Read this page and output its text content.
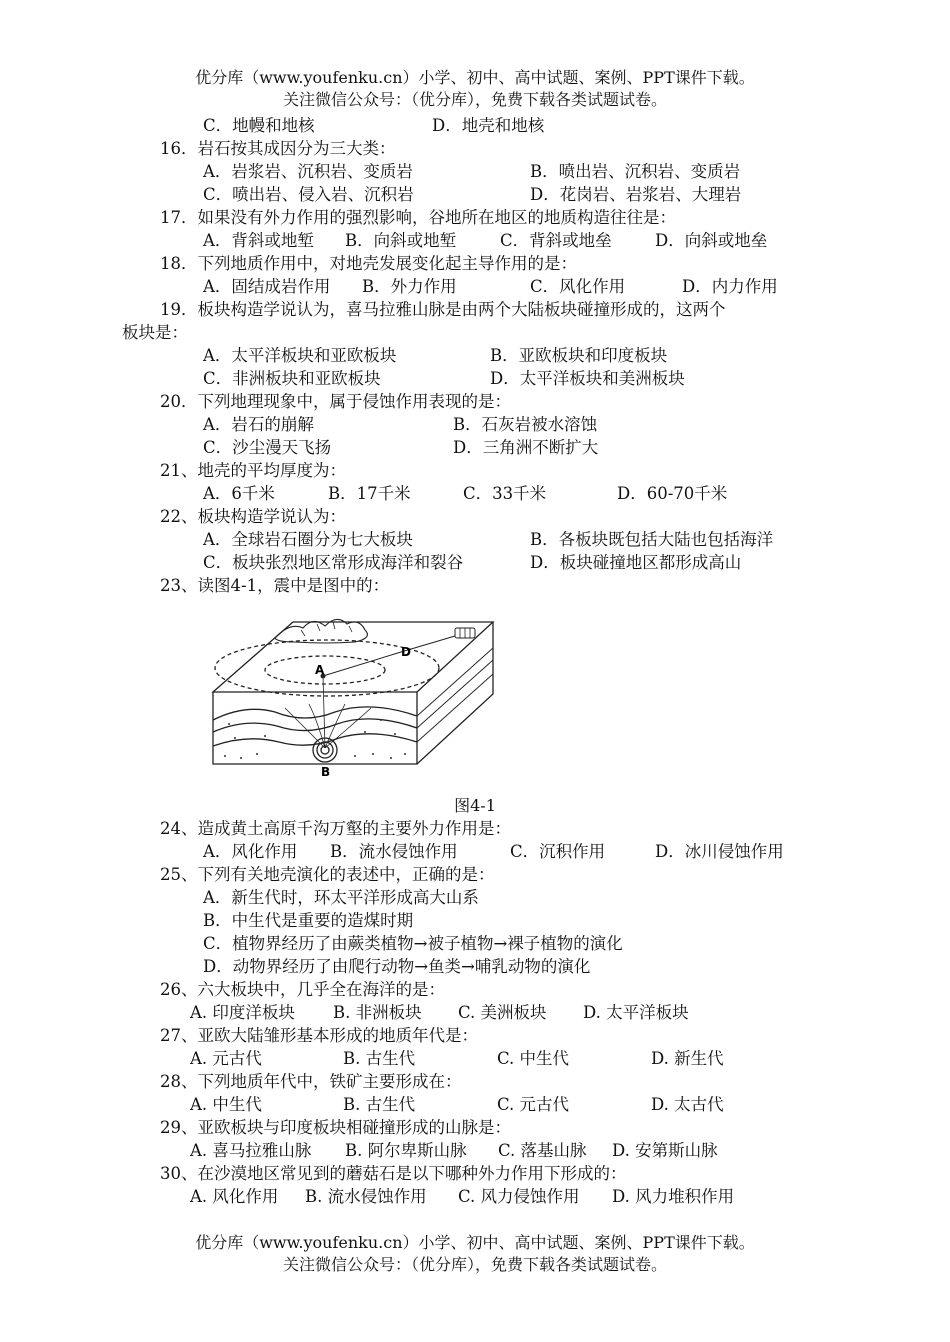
优分库（www.youfenku.cn）小学、初中、高中试题、案例、PPT课件下载。
关注微信公众号：（优分库），免费下载各类试题试卷。
C．地幔和地核	D．地壳和地核
16．岩石按其成因分为三大类：
A．岩浆岩、沉积岩、变质岩	B．喷出岩、沉积岩、变质岩
C．喷出岩、侵入岩、沉积岩	D．花岗岩、岩浆岩、大理岩
17．如果没有外力作用的强烈影响，谷地所在地区的地质构造往往是：
A．背斜或地堑 B．向斜或地堑	C．背斜或地垒	D．向斜或地垒
18．下列地质作用中，对地壳发展变化起主导作用的是：
A．固结成岩作用 B．外力作用	C．风化作用	D．内力作用
19．板块构造学说认为，喜马拉雅山脉是由两个大陆板块碰撞形成的，这两个
板块是：
A．太平洋板块和亚欧板块	B．亚欧板块和印度板块
C．非洲板块和亚欧板块	D．太平洋板块和美洲板块
20．下列地理现象中，属于侵蚀作用表现的是：
A．岩石的崩解	B．石灰岩被水溶蚀
C．沙尘漫天飞扬	D．三角洲不断扩大
21、地壳的平均厚度为：
A．6千米	B．17千米	C．33千米	D．60-70千米
22、板块构造学说认为：
A．全球岩石圈分为七大板块	B．各板块既包括大陆也包括海洋
C．板块张烈地区常形成海洋和裂谷	D．板块碰撞地区都形成高山
23、读图4-1，震中是图中的：
A
D
B
图4-1
24、造成黄土高原千沟万壑的主要外力作用是：
A．风化作用 B．流水侵蚀作用	C．沉积作用	D．冰川侵蚀作用
25、下列有关地壳演化的表述中，正确的是：
A．新生代时，环太平洋形成高大山系
B．中生代是重要的造煤时期
C．植物界经历了由蕨类植物→被子植物→裸子植物的演化
D．动物界经历了由爬行动物→鱼类→哺乳动物的演化
26、六大板块中，几乎全在海洋的是：
A. 印度洋板块 B. 非洲板块 C. 美洲板块 D. 太平洋板块
27、亚欧大陆雏形基本形成的地质年代是：
A. 元古代	B. 古生代	C. 中生代	D. 新生代
28、下列地质年代中，铁矿主要形成在：
A. 中生代	B. 古生代	C. 元古代	D. 太古代
29、亚欧板块与印度板块相碰撞形成的山脉是：
A. 喜马拉雅山脉 B. 阿尔卑斯山脉 C. 落基山脉 D. 安第斯山脉
30、在沙漠地区常见到的蘑菇石是以下哪种外力作用下形成的：
A. 风化作用 B. 流水侵蚀作用 C. 风力侵蚀作用 D. 风力堆积作用
优分库（www.youfenku.cn）小学、初中、高中试题、案例、PPT课件下载。
关注微信公众号：（优分库），免费下载各类试题试卷。
